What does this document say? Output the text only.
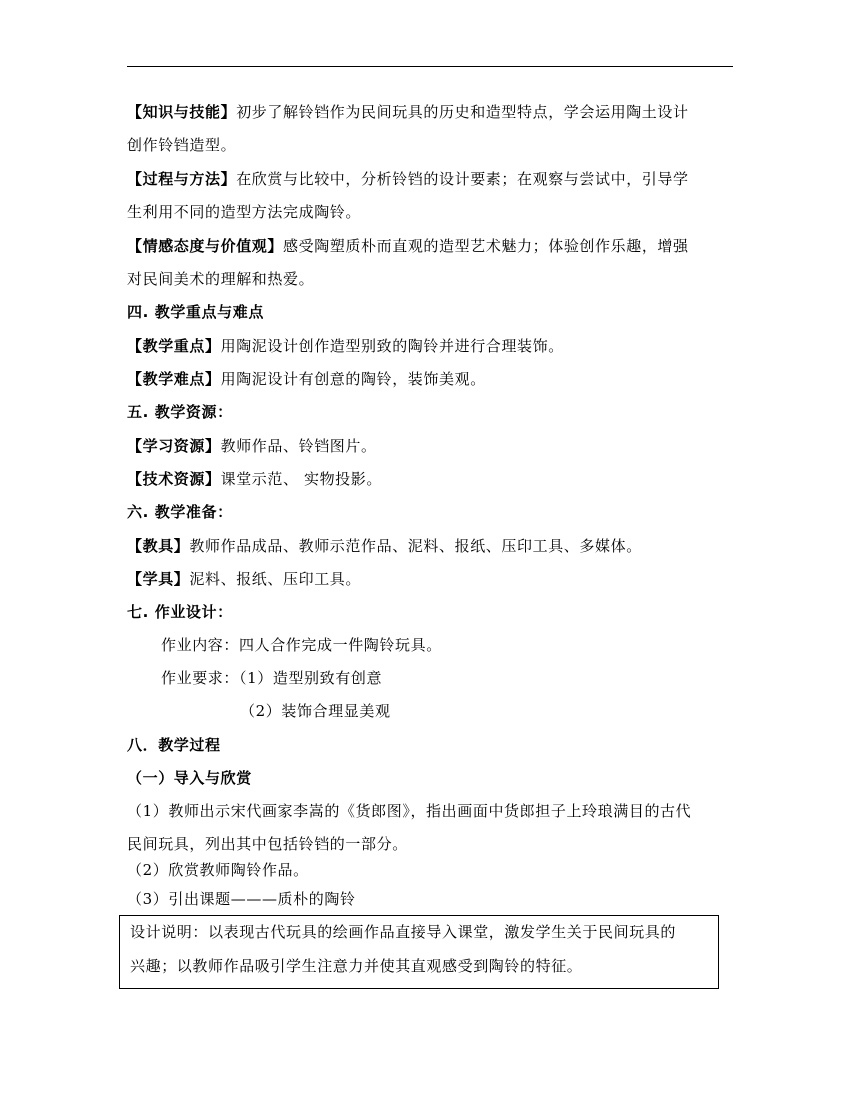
【知识与技能】初步了解铃铛作为民间玩具的历史和造型特点，学会运用陶土设计
创作铃铛造型。
【过程与方法】在欣赏与比较中，分析铃铛的设计要素；在观察与尝试中，引导学
生利用不同的造型方法完成陶铃。
【情感态度与价值观】感受陶塑质朴而直观的造型艺术魅力；体验创作乐趣，增强
对民间美术的理解和热爱。
四. 教学重点与难点
【教学重点】用陶泥设计创作造型别致的陶铃并进行合理装饰。
【教学难点】用陶泥设计有创意的陶铃，装饰美观。
五. 教学资源：
【学习资源】教师作品、铃铛图片。
【技术资源】课堂示范、 实物投影。
六. 教学准备：
【教具】教师作品成品、教师示范作品、泥料、报纸、压印工具、多媒体。
【学具】泥料、报纸、压印工具。
七. 作业设计：
作业内容：四人合作完成一件陶铃玩具。
作业要求：（1）造型别致有创意
（2）装饰合理显美观
八．教学过程
（一）导入与欣赏
（1）教师出示宋代画家李嵩的《货郎图》，指出画面中货郎担子上玲琅满目的古代
民间玩具，列出其中包括铃铛的一部分。
（2）欣赏教师陶铃作品。
（3）引出课题———质朴的陶铃
设计说明：以表现古代玩具的绘画作品直接导入课堂，激发学生关于民间玩具的
兴趣；以教师作品吸引学生注意力并使其直观感受到陶铃的特征。
